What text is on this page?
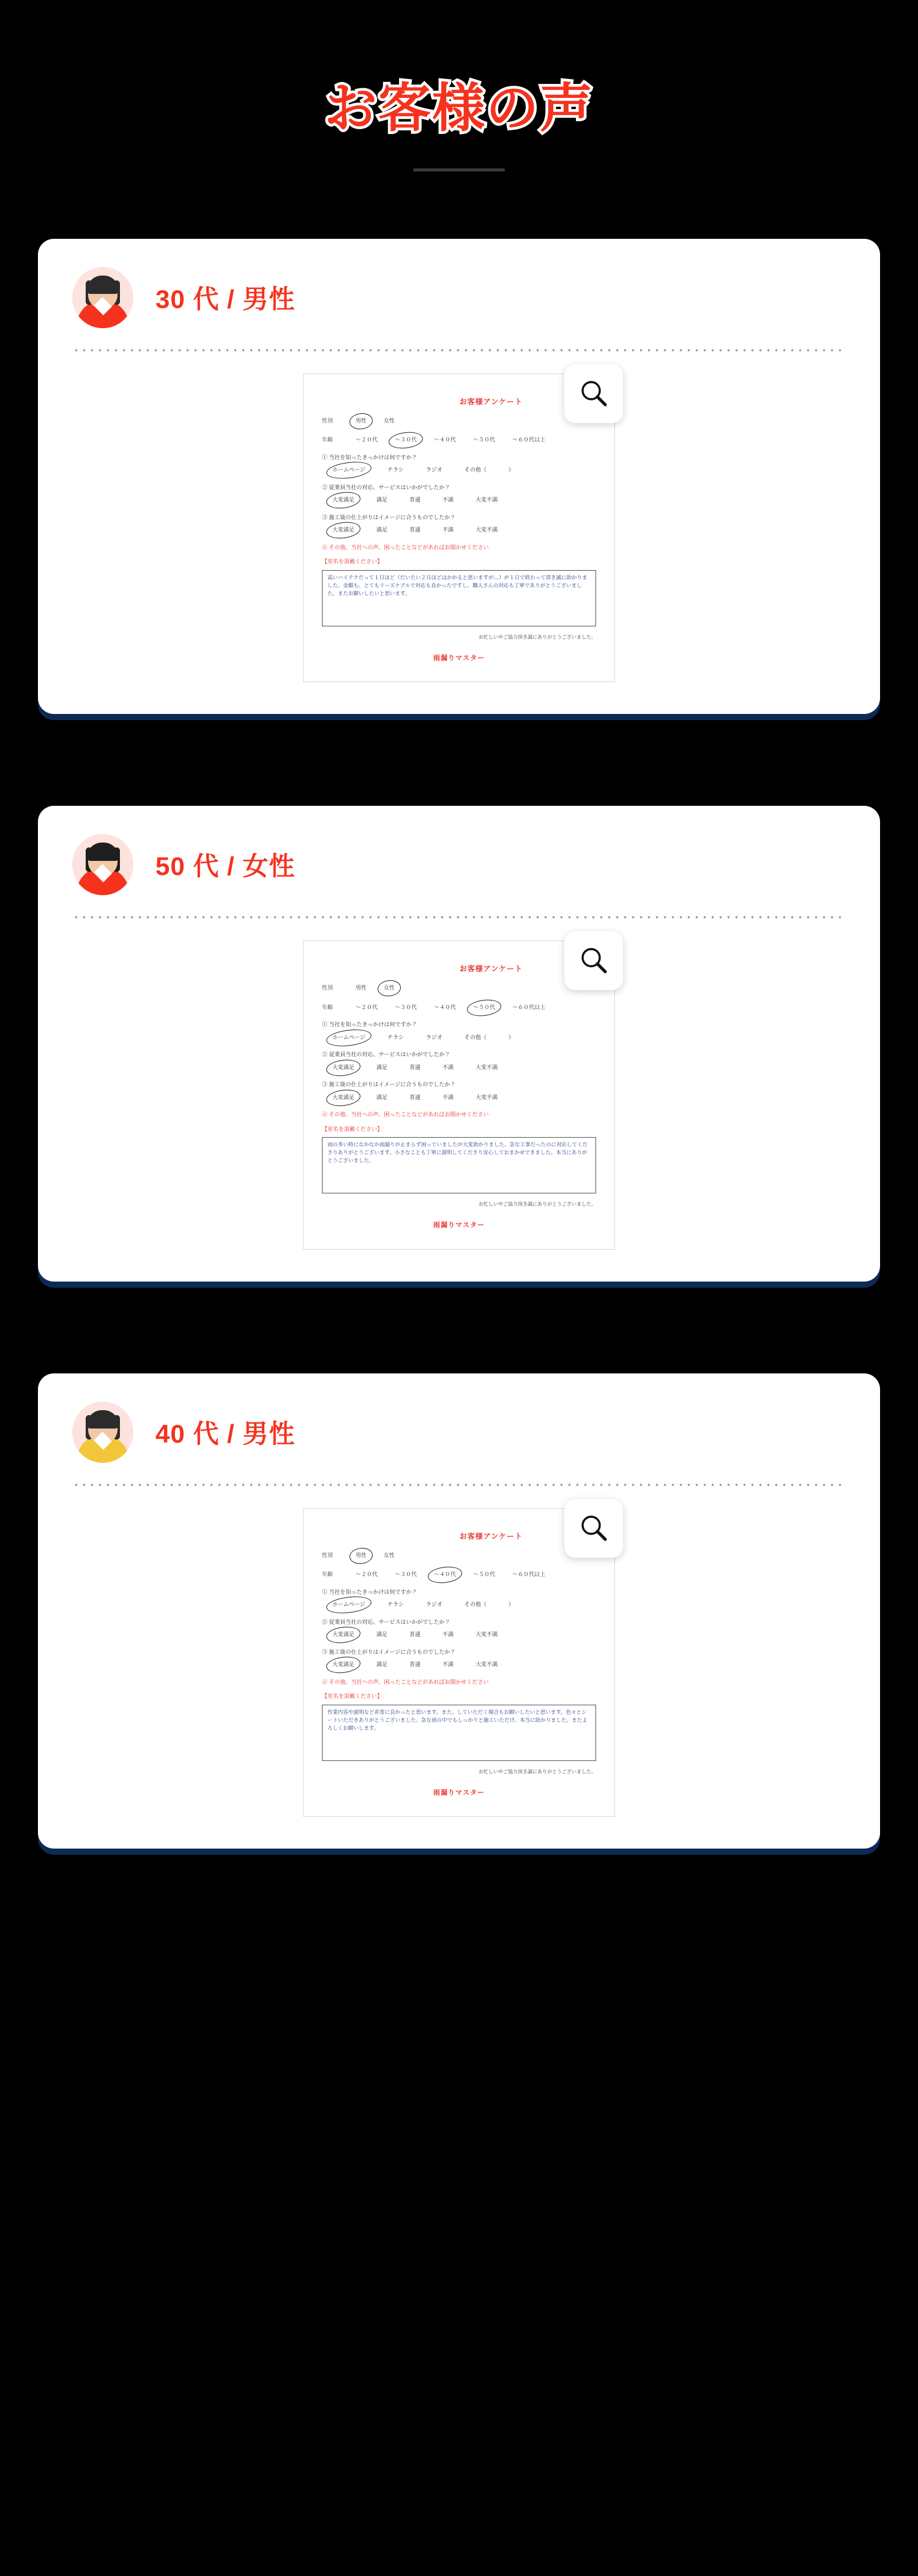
お客様の声
30 代 / 男性
お客様アンケート
性別	男性	女性
年齢	～２０代	～３０代	～４０代	～５０代	～６０代以上
① 当社を知ったきっかけは何ですか？
ホームページ	チラシ	ラジオ	その他（	）
② 従業員当社の対応、サービスはいかがでしたか？
大変満足	満足	普通	不満	大変不満
③ 施工後の仕上がりはイメージに合うものでしたか？
大変満足	満足	普通	不満	大変不満
④ その他、当社への声、困ったことなどがあればお聞かせください
【室名を頂戴ください】
高いハイテクだって１日ほど（だいたい２日ほどはかかると思いますが…）が１日で終わって頂き誠に助かりました。金額も、とてもリーズナブルで対応も良かったですし、職人さんの対応も丁寧でありがとうございました。またお願いしたいと思います。
お忙しい中ご協力頂き誠にありがとうございました。
雨漏りマスター
50 代 / 女性
お客様アンケート
性別	男性	女性
年齢	～２０代	～３０代	～４０代	～５０代	～６０代以上
① 当社を知ったきっかけは何ですか？
ホームページ	チラシ	ラジオ	その他（	）
② 従業員当社の対応、サービスはいかがでしたか？
大変満足	満足	普通	不満	大変不満
③ 施工後の仕上がりはイメージに合うものでしたか？
大変満足	満足	普通	不満	大変不満
④ その他、当社への声、困ったことなどがあればお聞かせください
【室名を頂戴ください】
雨の多い時になかなか雨漏りが止まらず困っていましたが大変助かりました。急な工事だったのに対応してくださりありがとうございます。小さなことも丁寧に説明してくださり安心しておまかせできました。本当にありがとうございました。
お忙しい中ご協力頂き誠にありがとうございました。
雨漏りマスター
40 代 / 男性
お客様アンケート
性別	男性	女性
年齢	～２０代	～３０代	～４０代	～５０代	～６０代以上
① 当社を知ったきっかけは何ですか？
ホームページ	チラシ	ラジオ	その他（	）
② 従業員当社の対応、サービスはいかがでしたか？
大変満足	満足	普通	不満	大変不満
③ 施工後の仕上がりはイメージに合うものでしたか？
大変満足	満足	普通	不満	大変不満
④ その他、当社への声、困ったことなどがあればお聞かせください
【室名を頂戴ください】
作業内容や説明など非常に良かったと思います。また、していただく場合もお願いしたいと思います。色々とシートいただきありがとうございました。急な雨の中でもしっかりと施工いただけ、本当に助かりました。またよろしくお願いします。
お忙しい中ご協力頂き誠にありがとうございました。
雨漏りマスター
